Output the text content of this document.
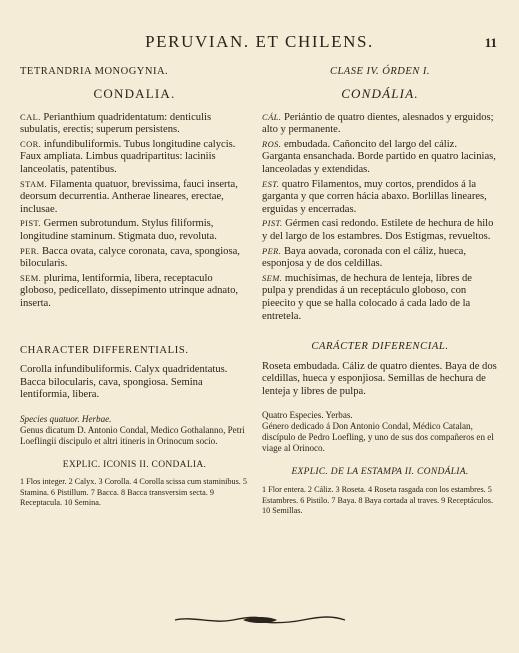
PERUVIAN. ET CHILENS.	11
TETRANDRIA MONOGYNIA.
CONDALIA.
CAL. Perianthium quadridentatum: denticulis subulatis, erectis; superum persistens.
COR. infundibuliformis. Tubus longitudine calycis. Faux ampliata. Limbus quadripartitus: laciniis lanceolatis, patentibus.
STAM. Filamenta quatuor, brevissima, fauci inserta, deorsum decurrentia. Antherae lineares, erectae, inclusae.
PIST. Germen subrotundum. Stylus filiformis, longitudine staminum. Stigmata duo, revoluta.
PER. Bacca ovata, calyce coronata, cava, spongiosa, bilocularis.
SEM. plurima, lentiformia, libera, receptaculo globoso, pedicellato, dissepimento utrinque adnato, inserta.
CHARACTER DIFFERENTIALIS.
Corolla infundibuliformis. Calyx quadridentatus. Bacca bilocularis, cava, spongiosa. Semina lentiformia, libera.
Species quatuor. Herbae.
Genus dicatum D. Antonio Condal, Medico Gothalanno, Petri Loeflingii discipulo et altri itineris in Orinocum socio.
EXPLIC. ICONIS II. CONDALIA.
1 Flos integer. 2 Calyx. 3 Corolla. 4 Corolla scissa cum staminibus. 5 Stamina. 6 Pistillum. 7 Bacca. 8 Bacca transversim secta. 9 Receptacula. 10 Semina.
CLASE IV. ÓRDEN I.
CONDÁLIA.
CÁL. Periántio de quatro dientes, alesnados y erguidos; alto y permanente.
ROS. embudada. Cañoncito del largo del cáliz. Garganta ensanchada. Borde partido en quatro lacinias, lanceoladas y extendidas.
EST. quatro Filamentos, muy cortos, prendidos á la garganta y que corren hácia abaxo. Borlillas lineares, erguidas y encerradas.
PIST. Gérmen casi redondo. Estilete de hechura de hilo y del largo de los estambres. Dos Estigmas, revueltos.
PER. Baya aovada, coronada con el cáliz, hueca, esponjosa y de dos celdillas.
SEM. muchísimas, de hechura de lenteja, libres de pulpa y prendidas á un receptáculo globoso, con pieecito y que se halla colocado á cada lado de la entretela.
CARÁCTER DIFERENCIAL.
Roseta embudada. Cáliz de quatro dientes. Baya de dos celdillas, hueca y esponjiosa. Semillas de hechura de lenteja y libres de pulpa.
Quatro Especies. Yerbas.
Género dedicado á Don Antonio Condal, Médico Catalan, discípulo de Pedro Loefling, y uno de sus dos compañeros en el viage al Orinoco.
EXPLIC. DE LA ESTAMPA II. CONDÁLIA.
1 Flor entera. 2 Cáliz. 3 Roseta. 4 Roseta rasgada con los estambres. 5 Estambres. 6 Pistilo. 7 Baya. 8 Baya cortada al traves. 9 Receptáculos. 10 Semillas.
